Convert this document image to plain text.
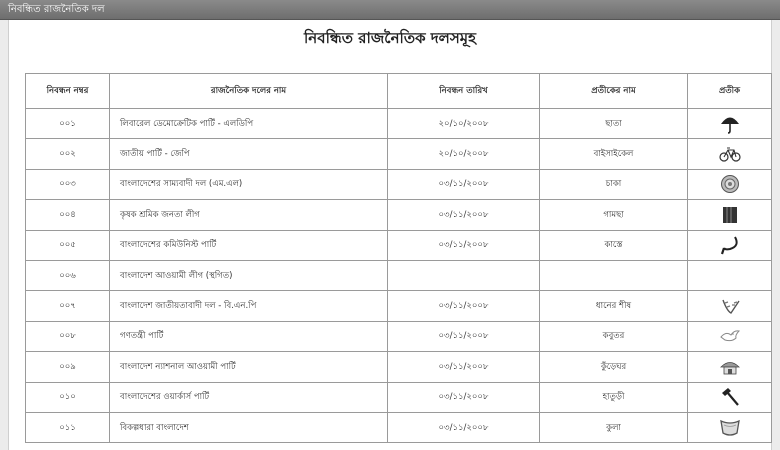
নিবন্ধিত রাজনৈতিক দল
নিবন্ধিত রাজনৈতিক দলসমূহ
নিবন্ধন নম্বর	রাজনৈতিক দলের নাম	নিবন্ধন তারিখ	প্রতীকের নাম	প্রতীক
০০১	লিবারেল ডেমোক্রেটিক পার্টি - এলডিপি	২০/১০/২০০৮	ছাতা	

০০২	জাতীয় পার্টি - জেপি	২০/১০/২০০৮	বাইসাইকেল	

০০৩	বাংলাদেশের সাম্যবাদী দল (এম.এল)	০৩/১১/২০০৮	চাকা	

০০৪	কৃষক শ্রমিক জনতা লীগ	০৩/১১/২০০৮	গামছা	

০০৫	বাংলাদেশের কমিউনিস্ট পার্টি	০৩/১১/২০০৮	কাস্তে	

০০৬	বাংলাদেশ আওয়ামী লীগ (স্থগিত)			
০০৭	বাংলাদেশ জাতীয়তাবাদী দল - বি.এন.পি	০৩/১১/২০০৮	ধানের শীষ	

০০৮	গণতন্ত্রী পার্টি	০৩/১১/২০০৮	কবুতর	

০০৯	বাংলাদেশ ন্যাশনাল আওয়ামী পার্টি	০৩/১১/২০০৮	কুঁড়েঘর	

০১০	বাংলাদেশের ওয়ার্কার্স পার্টি	০৩/১১/২০০৮	হাতুড়ী	

০১১	বিকল্পধারা বাংলাদেশ	০৩/১১/২০০৮	কুলা	
